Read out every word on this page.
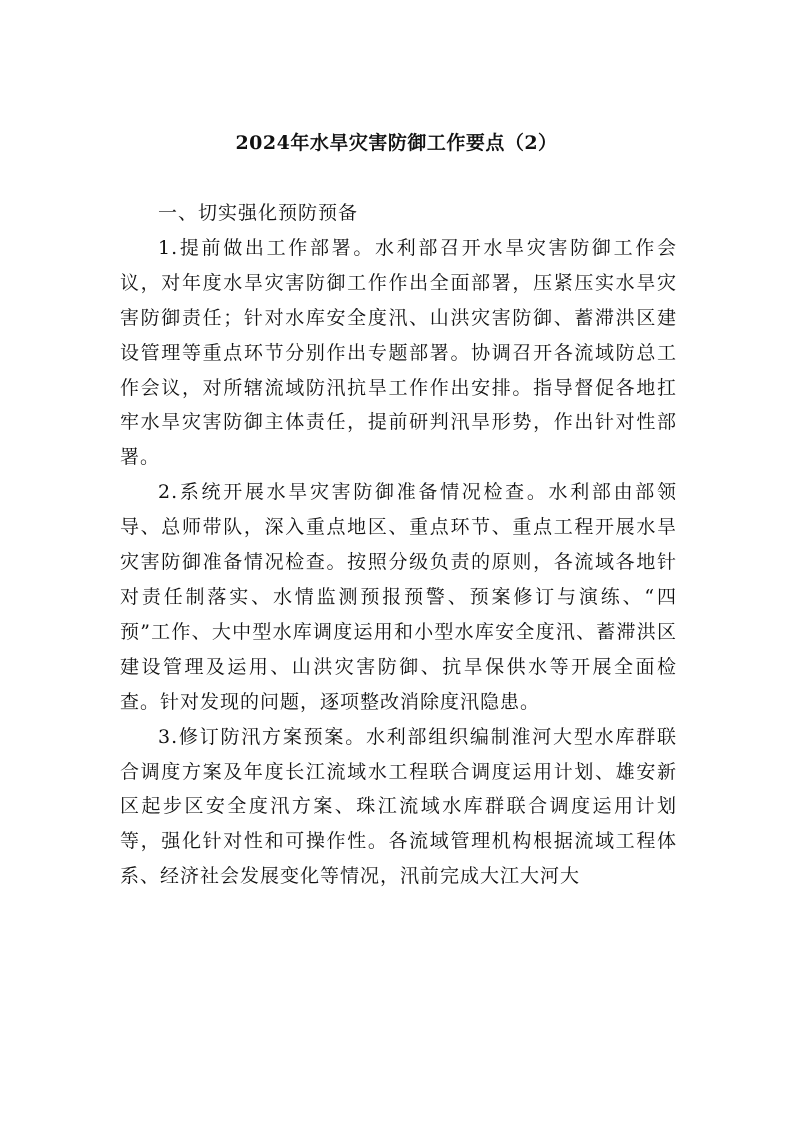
2024年水旱灾害防御工作要点（2）

一、切实强化预防预备

1.提前做出工作部署。水利部召开水旱灾害防御工作会议，对年度水旱灾害防御工作作出全面部署，压紧压实水旱灾害防御责任；针对水库安全度汛、山洪灾害防御、蓄滞洪区建设管理等重点环节分别作出专题部署。协调召开各流域防总工作会议，对所辖流域防汛抗旱工作作出安排。指导督促各地扛牢水旱灾害防御主体责任，提前研判汛旱形势，作出针对性部署。

2.系统开展水旱灾害防御准备情况检查。水利部由部领导、总师带队，深入重点地区、重点环节、重点工程开展水旱灾害防御准备情况检查。按照分级负责的原则，各流域各地针对责任制落实、水情监测预报预警、预案修订与演练、“四预”工作、大中型水库调度运用和小型水库安全度汛、蓄滞洪区建设管理及运用、山洪灾害防御、抗旱保供水等开展全面检查。针对发现的问题，逐项整改消除度汛隐患。

3.修订防汛方案预案。水利部组织编制淮河大型水库群联合调度方案及年度长江流域水工程联合调度运用计划、雄安新区起步区安全度汛方案、珠江流域水库群联合调度运用计划等，强化针对性和可操作性。各流域管理机构根据流域工程体系、经济社会发展变化等情况，汛前完成大江大河大
